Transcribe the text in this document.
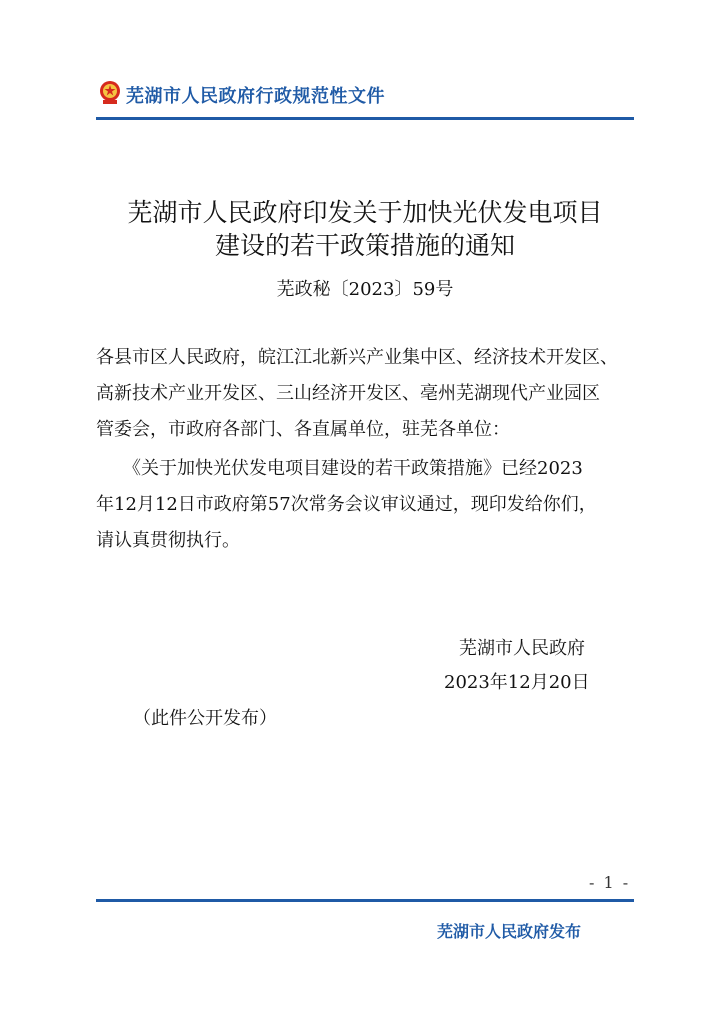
芜湖市人民政府行政规范性文件
芜湖市人民政府印发关于加快光伏发电项目
建设的若干政策措施的通知
芜政秘〔2023〕59号
各县市区人民政府，皖江江北新兴产业集中区、经济技术开发区、
高新技术产业开发区、三山经济开发区、亳州芜湖现代产业园区
管委会，市政府各部门、各直属单位，驻芜各单位：
　　《关于加快光伏发电项目建设的若干政策措施》已经2023
年12月12日市政府第57次常务会议审议通过，现印发给你们，
请认真贯彻执行。
芜湖市人民政府
2023年12月20日
（此件公开发布）
- 1 -
芜湖市人民政府发布
